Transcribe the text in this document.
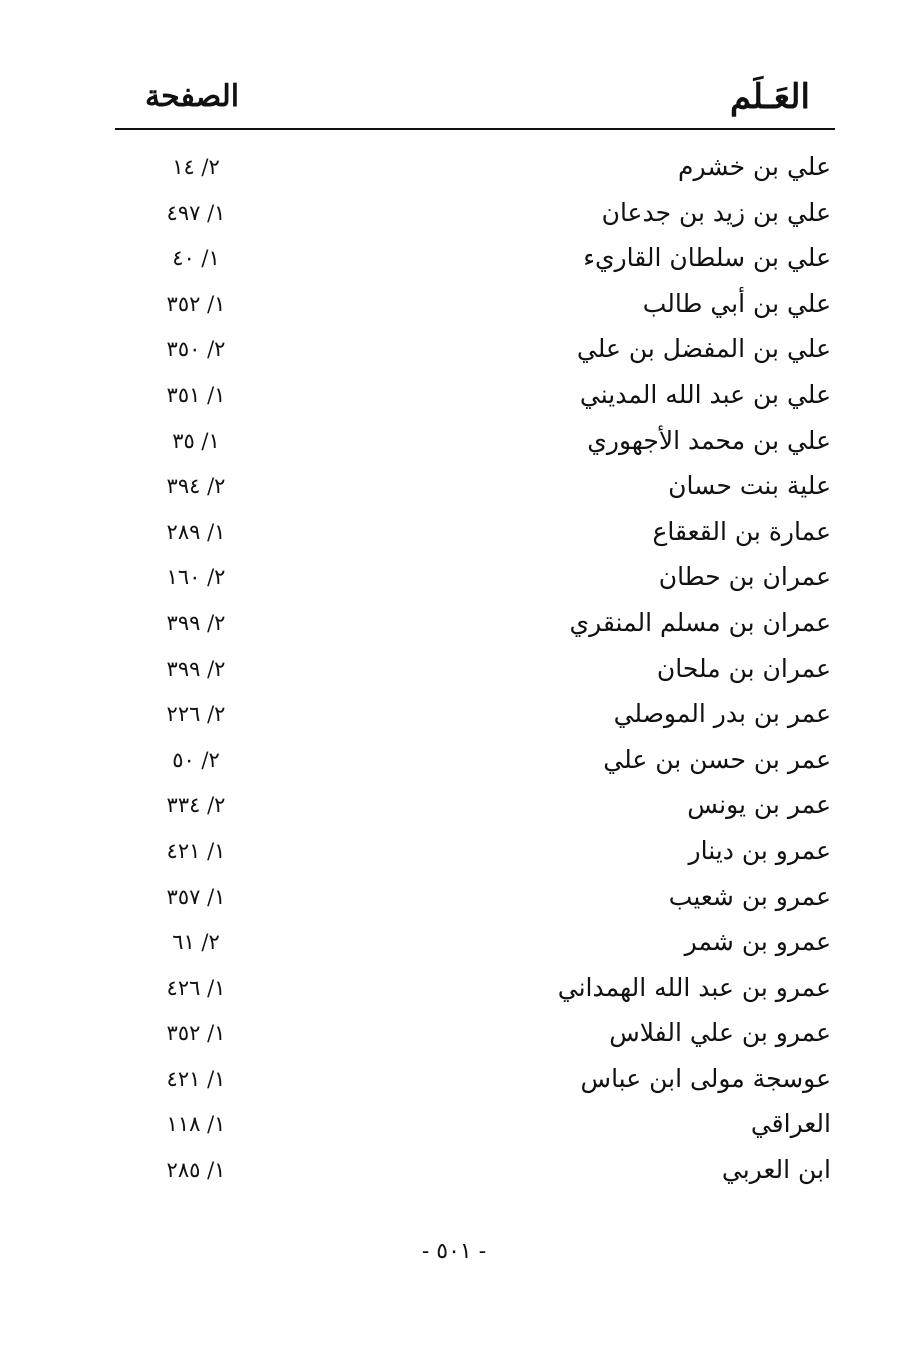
العَـلَم
الصفحة
علي بن خشرم
٢/ ١٤
علي بن زيد بن جدعان
١/ ٤٩٧
علي بن سلطان القاريء
١/ ٤٠
علي بن أبي طالب
١/ ٣٥٢
علي بن المفضل بن علي
٢/ ٣٥٠
علي بن عبد الله المديني
١/ ٣٥١
علي بن محمد الأجهوري
١/ ٣٥
علية بنت حسان
٢/ ٣٩٤
عمارة بن القعقاع
١/ ٢٨٩
عمران بن حطان
٢/ ١٦٠
عمران بن مسلم المنقري
٢/ ٣٩٩
عمران بن ملحان
٢/ ٣٩٩
عمر بن بدر الموصلي
٢/ ٢٢٦
عمر بن حسن بن علي
٢/ ٥٠
عمر بن يونس
٢/ ٣٣٤
عمرو بن دينار
١/ ٤٢١
عمرو بن شعيب
١/ ٣٥٧
عمرو بن شمر
٢/ ٦١
عمرو بن عبد الله الهمداني
١/ ٤٢٦
عمرو بن علي الفلاس
١/ ٣٥٢
عوسجة مولى ابن عباس
١/ ٤٢١
العراقي
١/ ١١٨
ابن العربي
١/ ٢٨٥
- ٥٠١ -
